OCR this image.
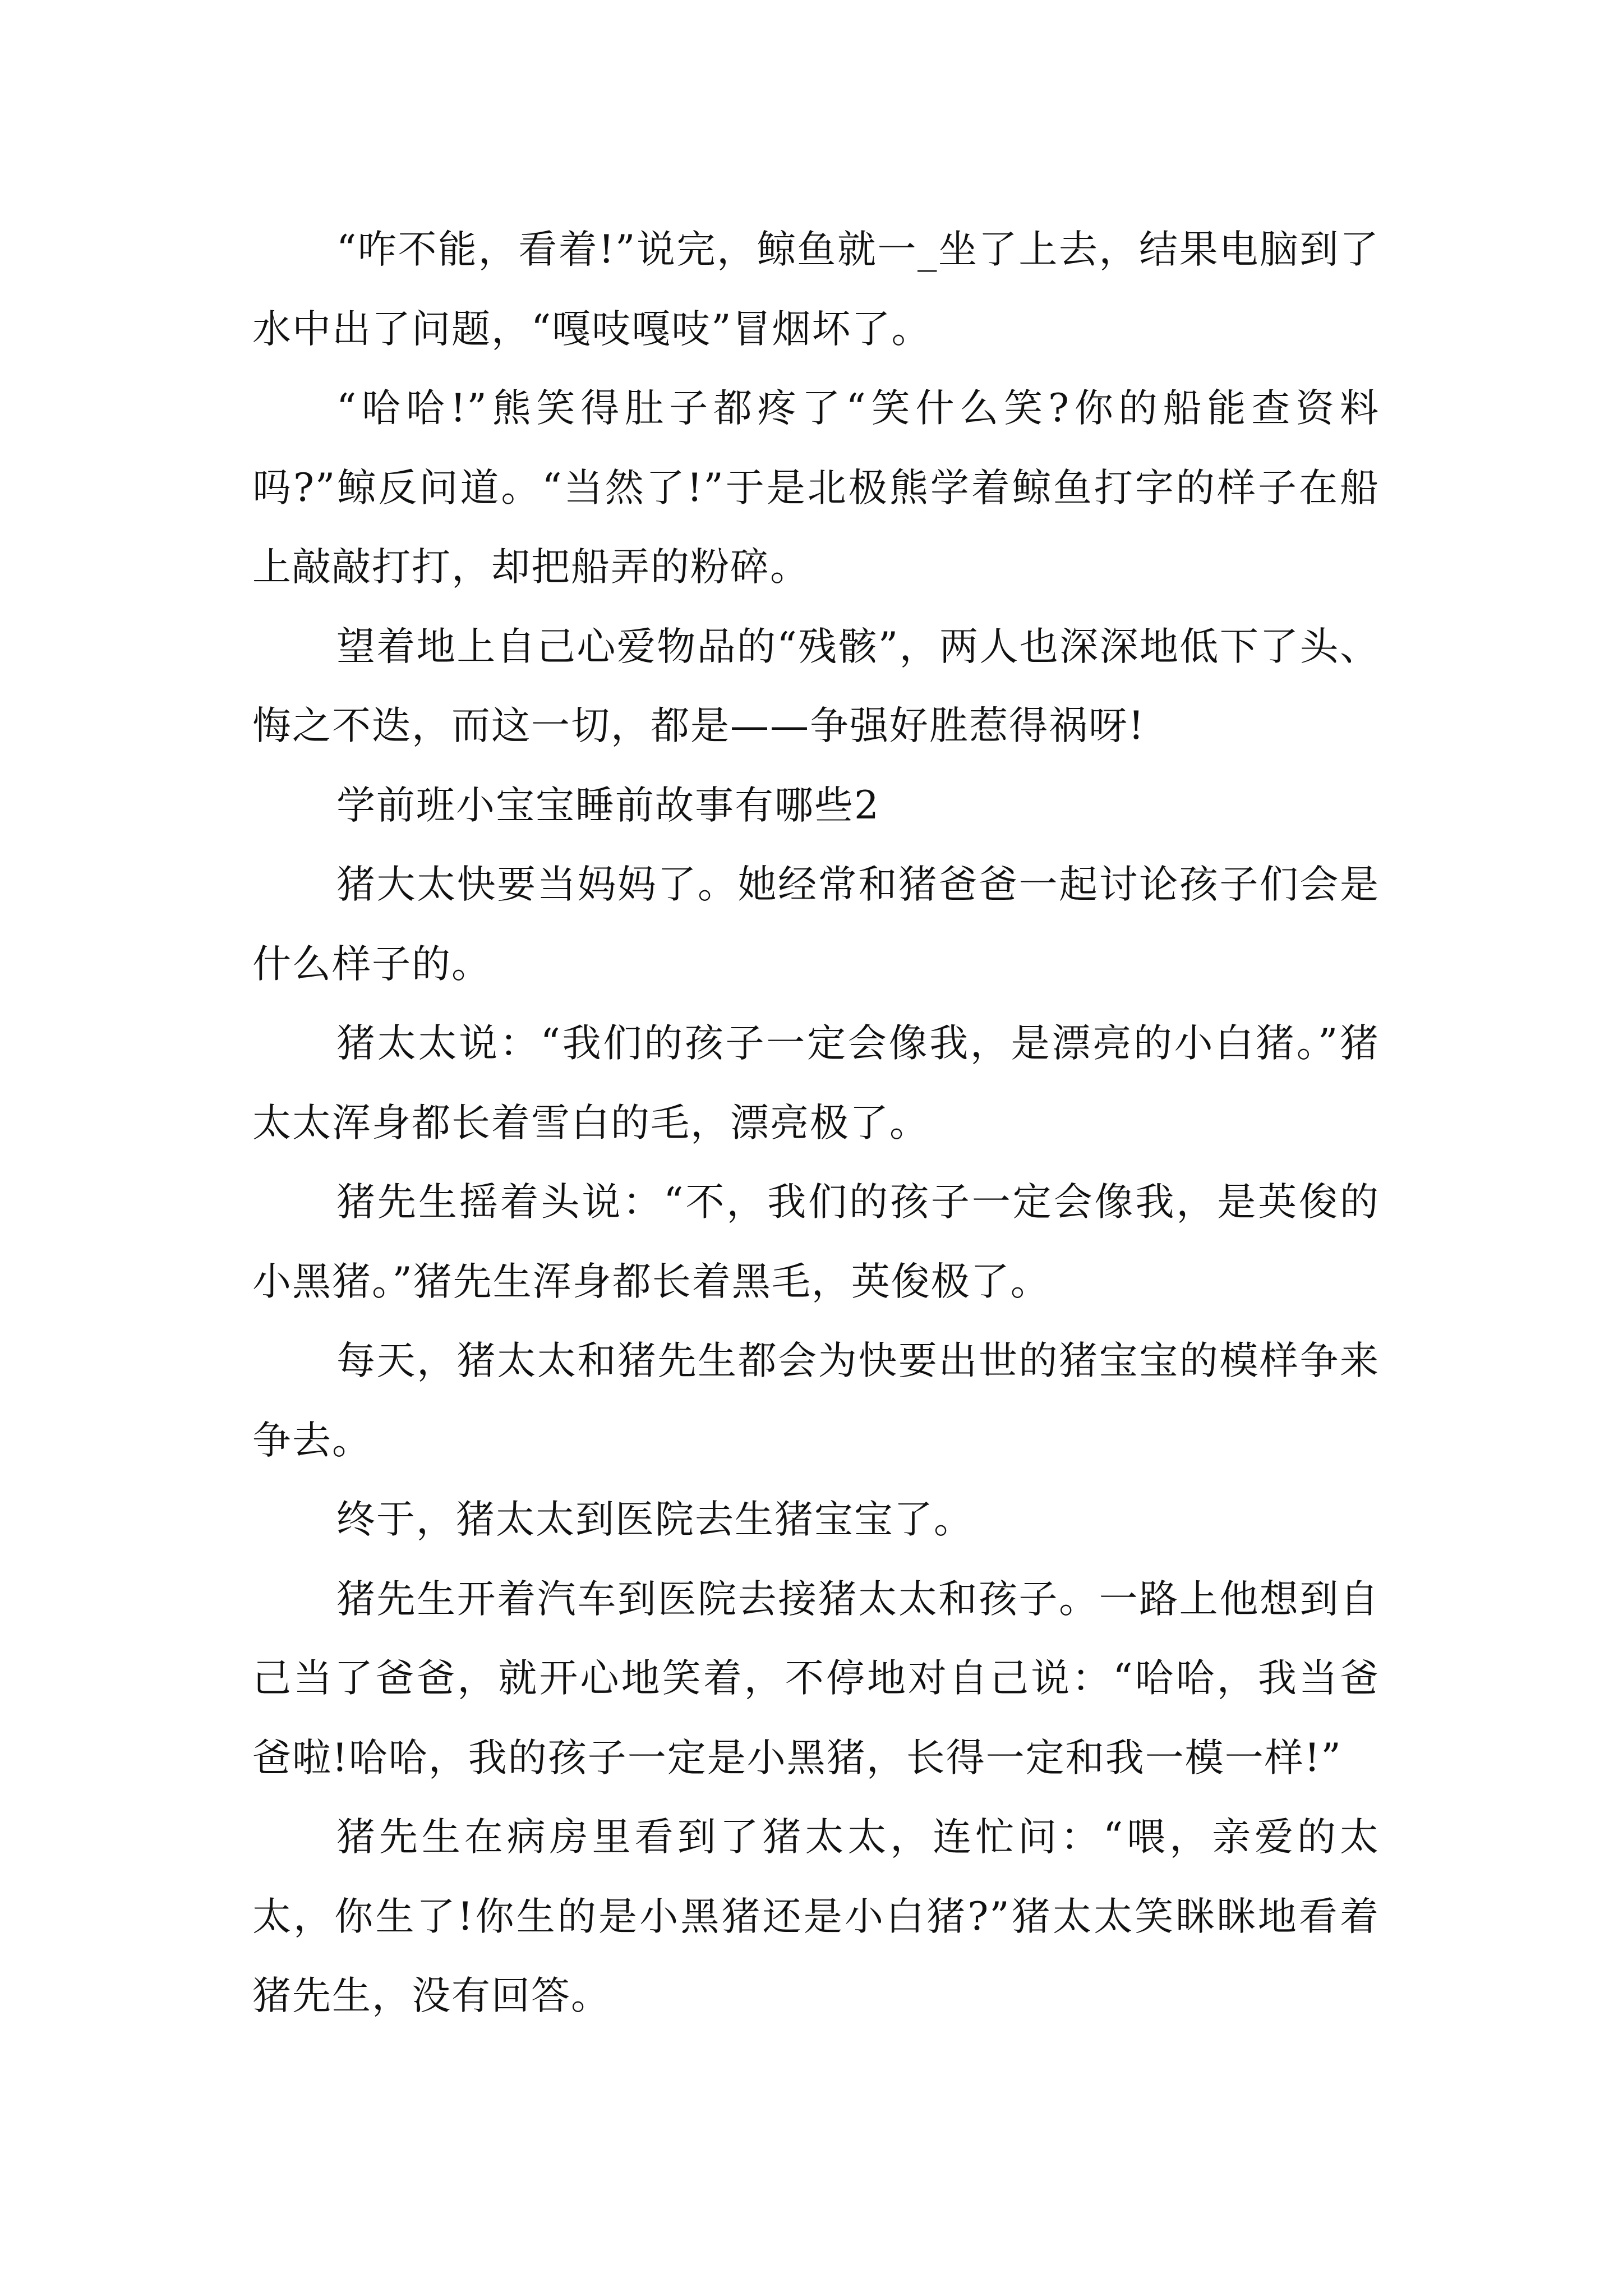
“咋不能，看着!”说完，鲸鱼就一_坐了上去，结果电脑到了水中出了问题，“嘎吱嘎吱”冒烟坏了。

“哈哈!”熊笑得肚子都疼了“笑什么笑?你的船能查资料吗?”鲸反问道。“当然了!”于是北极熊学着鲸鱼打字的样子在船上敲敲打打，却把船弄的粉碎。

望着地上自己心爱物品的“残骸”，两人也深深地低下了头、悔之不迭，而这一切，都是——争强好胜惹得祸呀!

学前班小宝宝睡前故事有哪些2

猪大太快要当妈妈了。她经常和猪爸爸一起讨论孩子们会是什么样子的。

猪太太说：“我们的孩子一定会像我，是漂亮的小白猪。”猪太太浑身都长着雪白的毛，漂亮极了。

猪先生摇着头说：“不，我们的孩子一定会像我，是英俊的小黑猪。”猪先生浑身都长着黑毛，英俊极了。

每天，猪太太和猪先生都会为快要出世的猪宝宝的模样争来争去。

终于，猪太太到医院去生猪宝宝了。

猪先生开着汽车到医院去接猪太太和孩子。一路上他想到自己当了爸爸，就开心地笑着，不停地对自己说：“哈哈，我当爸爸啦!哈哈，我的孩子一定是小黑猪，长得一定和我一模一样!”

猪先生在病房里看到了猪太太，连忙问：“喂，亲爱的太太，你生了!你生的是小黑猪还是小白猪?”猪太太笑眯眯地看着猪先生，没有回答。
